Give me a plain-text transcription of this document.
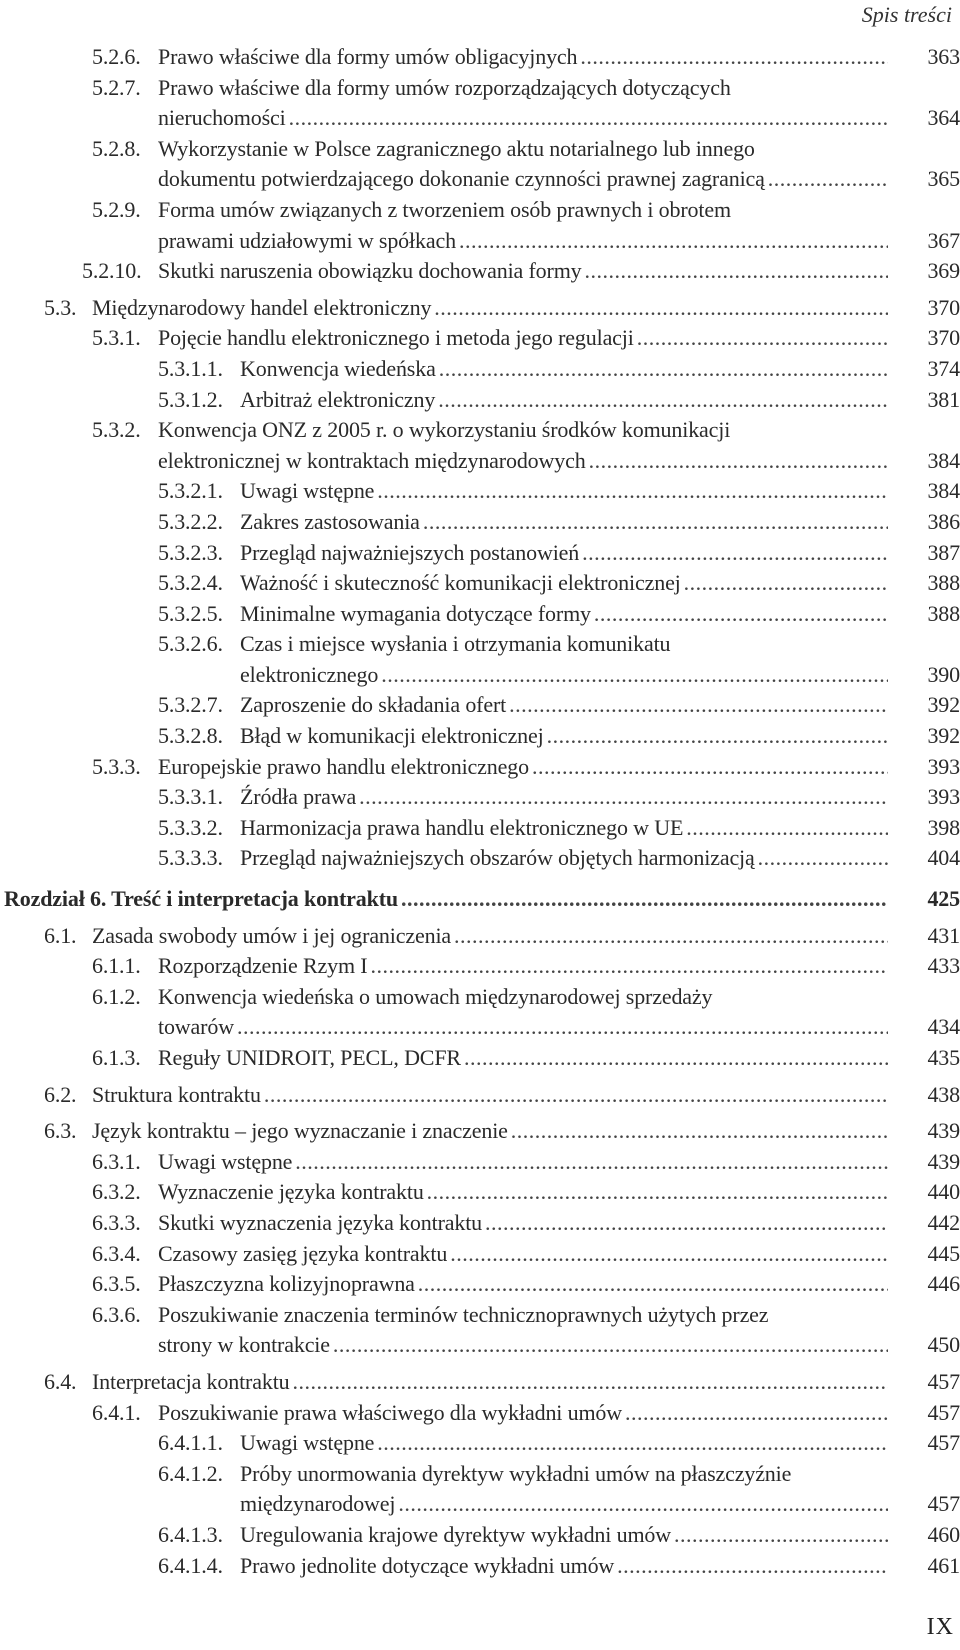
Spis treści
5.2.6. Prawo właściwe dla formy umów obligacyjnych .....	363
5.2.7. Prawo właściwe dla formy umów rozporządzających dotyczących
nieruchomości .....	364
5.2.8. Wykorzystanie w Polsce zagranicznego aktu notarialnego lub innego
dokumentu potwierdzającego dokonanie czynności prawnej zagranicą .....	365
5.2.9. Forma umów związanych z tworzeniem osób prawnych i obrotem
prawami udziałowymi w spółkach .....	367
5.2.10. Skutki naruszenia obowiązku dochowania formy .....	369
5.3. Międzynarodowy handel elektroniczny .....	370
5.3.1. Pojęcie handlu elektronicznego i metoda jego regulacji .....	370
5.3.1.1. Konwencja wiedeńska .....	374
5.3.1.2. Arbitraż elektroniczny .....	381
5.3.2. Konwencja ONZ z 2005 r. o wykorzystaniu środków komunikacji
elektronicznej w kontraktach międzynarodowych .....	384
5.3.2.1. Uwagi wstępne .....	384
5.3.2.2. Zakres zastosowania .....	386
5.3.2.3. Przegląd najważniejszych postanowień .....	387
5.3.2.4. Ważność i skuteczność komunikacji elektronicznej .....	388
5.3.2.5. Minimalne wymagania dotyczące formy .....	388
5.3.2.6. Czas i miejsce wysłania i otrzymania komunikatu
elektronicznego .....	390
5.3.2.7. Zaproszenie do składania ofert .....	392
5.3.2.8. Błąd w komunikacji elektronicznej .....	392
5.3.3. Europejskie prawo handlu elektronicznego .....	393
5.3.3.1. Źródła prawa .....	393
5.3.3.2. Harmonizacja prawa handlu elektronicznego w UE .....	398
5.3.3.3. Przegląd najważniejszych obszarów objętych harmonizacją .....	404
Rozdział 6. Treść i interpretacja kontraktu .....	425
6.1. Zasada swobody umów i jej ograniczenia .....	431
6.1.1. Rozporządzenie Rzym I .....	433
6.1.2. Konwencja wiedeńska o umowach międzynarodowej sprzedaży
towarów .....	434
6.1.3. Reguły UNIDROIT, PECL, DCFR .....	435
6.2. Struktura kontraktu .....	438
6.3. Język kontraktu – jego wyznaczanie i znaczenie .....	439
6.3.1. Uwagi wstępne .....	439
6.3.2. Wyznaczenie języka kontraktu .....	440
6.3.3. Skutki wyznaczenia języka kontraktu .....	442
6.3.4. Czasowy zasięg języka kontraktu .....	445
6.3.5. Płaszczyzna kolizyjnoprawna .....	446
6.3.6. Poszukiwanie znaczenia terminów technicznoprawnych użytych przez
strony w kontrakcie .....	450
6.4. Interpretacja kontraktu .....	457
6.4.1. Poszukiwanie prawa właściwego dla wykładni umów .....	457
6.4.1.1. Uwagi wstępne .....	457
6.4.1.2. Próby unormowania dyrektyw wykładni umów na płaszczyźnie
międzynarodowej .....	457
6.4.1.3. Uregulowania krajowe dyrektyw wykładni umów .....	460
6.4.1.4. Prawo jednolite dotyczące wykładni umów .....	461
IX
